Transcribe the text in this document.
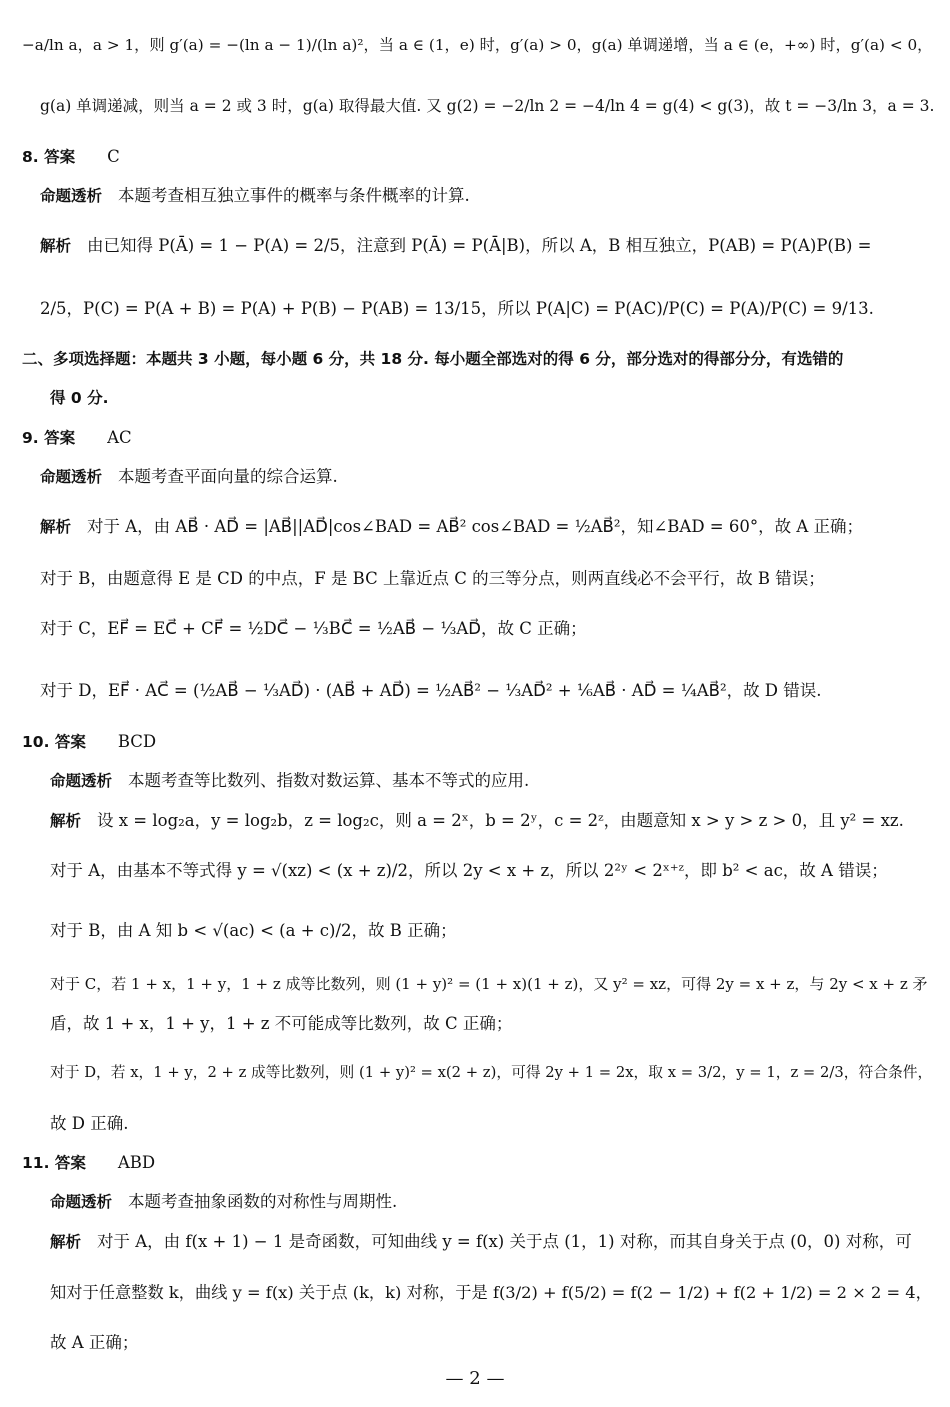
−a/ln a，a > 1，则 g′(a) = −(ln a − 1)/(ln a)²，当 a ∈ (1，e) 时，g′(a) > 0，g(a) 单调递增，当 a ∈ (e，+∞) 时，g′(a) < 0，
g(a) 单调递减，则当 a = 2 或 3 时，g(a) 取得最大值. 又 g(2) = −2/ln 2 = −4/ln 4 = g(4) < g(3)，故 t = −3/ln 3，a = 3.
8. 答案 C
命题透析 本题考查相互独立事件的概率与条件概率的计算.
解析 由已知得 P(Ā) = 1 − P(A) = 2/5，注意到 P(Ā) = P(Ā|B)，所以 A，B 相互独立，P(AB) = P(A)P(B) =
2/5，P(C) = P(A + B) = P(A) + P(B) − P(AB) = 13/15，所以 P(A|C) = P(AC)/P(C) = P(A)/P(C) = 9/13.
二、多项选择题：本题共 3 小题，每小题 6 分，共 18 分. 每小题全部选对的得 6 分，部分选对的得部分分，有选错的
得 0 分.
9. 答案 AC
命题透析 本题考查平面向量的综合运算.
解析 对于 A，由 AB⃗ · AD⃗ = |AB⃗||AD⃗|cos∠BAD = AB⃗² cos∠BAD = ½AB⃗²，知∠BAD = 60°，故 A 正确；
对于 B，由题意得 E 是 CD 的中点，F 是 BC 上靠近点 C 的三等分点，则两直线必不会平行，故 B 错误；
对于 C，EF⃗ = EC⃗ + CF⃗ = ½DC⃗ − ⅓BC⃗ = ½AB⃗ − ⅓AD⃗，故 C 正确；
对于 D，EF⃗ · AC⃗ = (½AB⃗ − ⅓AD⃗) · (AB⃗ + AD⃗) = ½AB⃗² − ⅓AD⃗² + ⅙AB⃗ · AD⃗ = ¼AB⃗²，故 D 错误.
10. 答案 BCD
命题透析 本题考查等比数列、指数对数运算、基本不等式的应用.
解析 设 x = log₂a，y = log₂b，z = log₂c，则 a = 2ˣ，b = 2ʸ，c = 2ᶻ，由题意知 x > y > z > 0，且 y² = xz.
对于 A，由基本不等式得 y = √(xz) < (x + z)/2，所以 2y < x + z，所以 2²ʸ < 2ˣ⁺ᶻ，即 b² < ac，故 A 错误；
对于 B，由 A 知 b < √(ac) < (a + c)/2，故 B 正确；
对于 C，若 1 + x，1 + y，1 + z 成等比数列，则 (1 + y)² = (1 + x)(1 + z)，又 y² = xz，可得 2y = x + z，与 2y < x + z 矛
盾，故 1 + x，1 + y，1 + z 不可能成等比数列，故 C 正确；
对于 D，若 x，1 + y，2 + z 成等比数列，则 (1 + y)² = x(2 + z)，可得 2y + 1 = 2x，取 x = 3/2，y = 1，z = 2/3，符合条件，
故 D 正确.
11. 答案 ABD
命题透析 本题考查抽象函数的对称性与周期性.
解析 对于 A，由 f(x + 1) − 1 是奇函数，可知曲线 y = f(x) 关于点 (1，1) 对称，而其自身关于点 (0，0) 对称，可
知对于任意整数 k，曲线 y = f(x) 关于点 (k，k) 对称，于是 f(3/2) + f(5/2) = f(2 − 1/2) + f(2 + 1/2) = 2 × 2 = 4，
故 A 正确；
— 2 —
